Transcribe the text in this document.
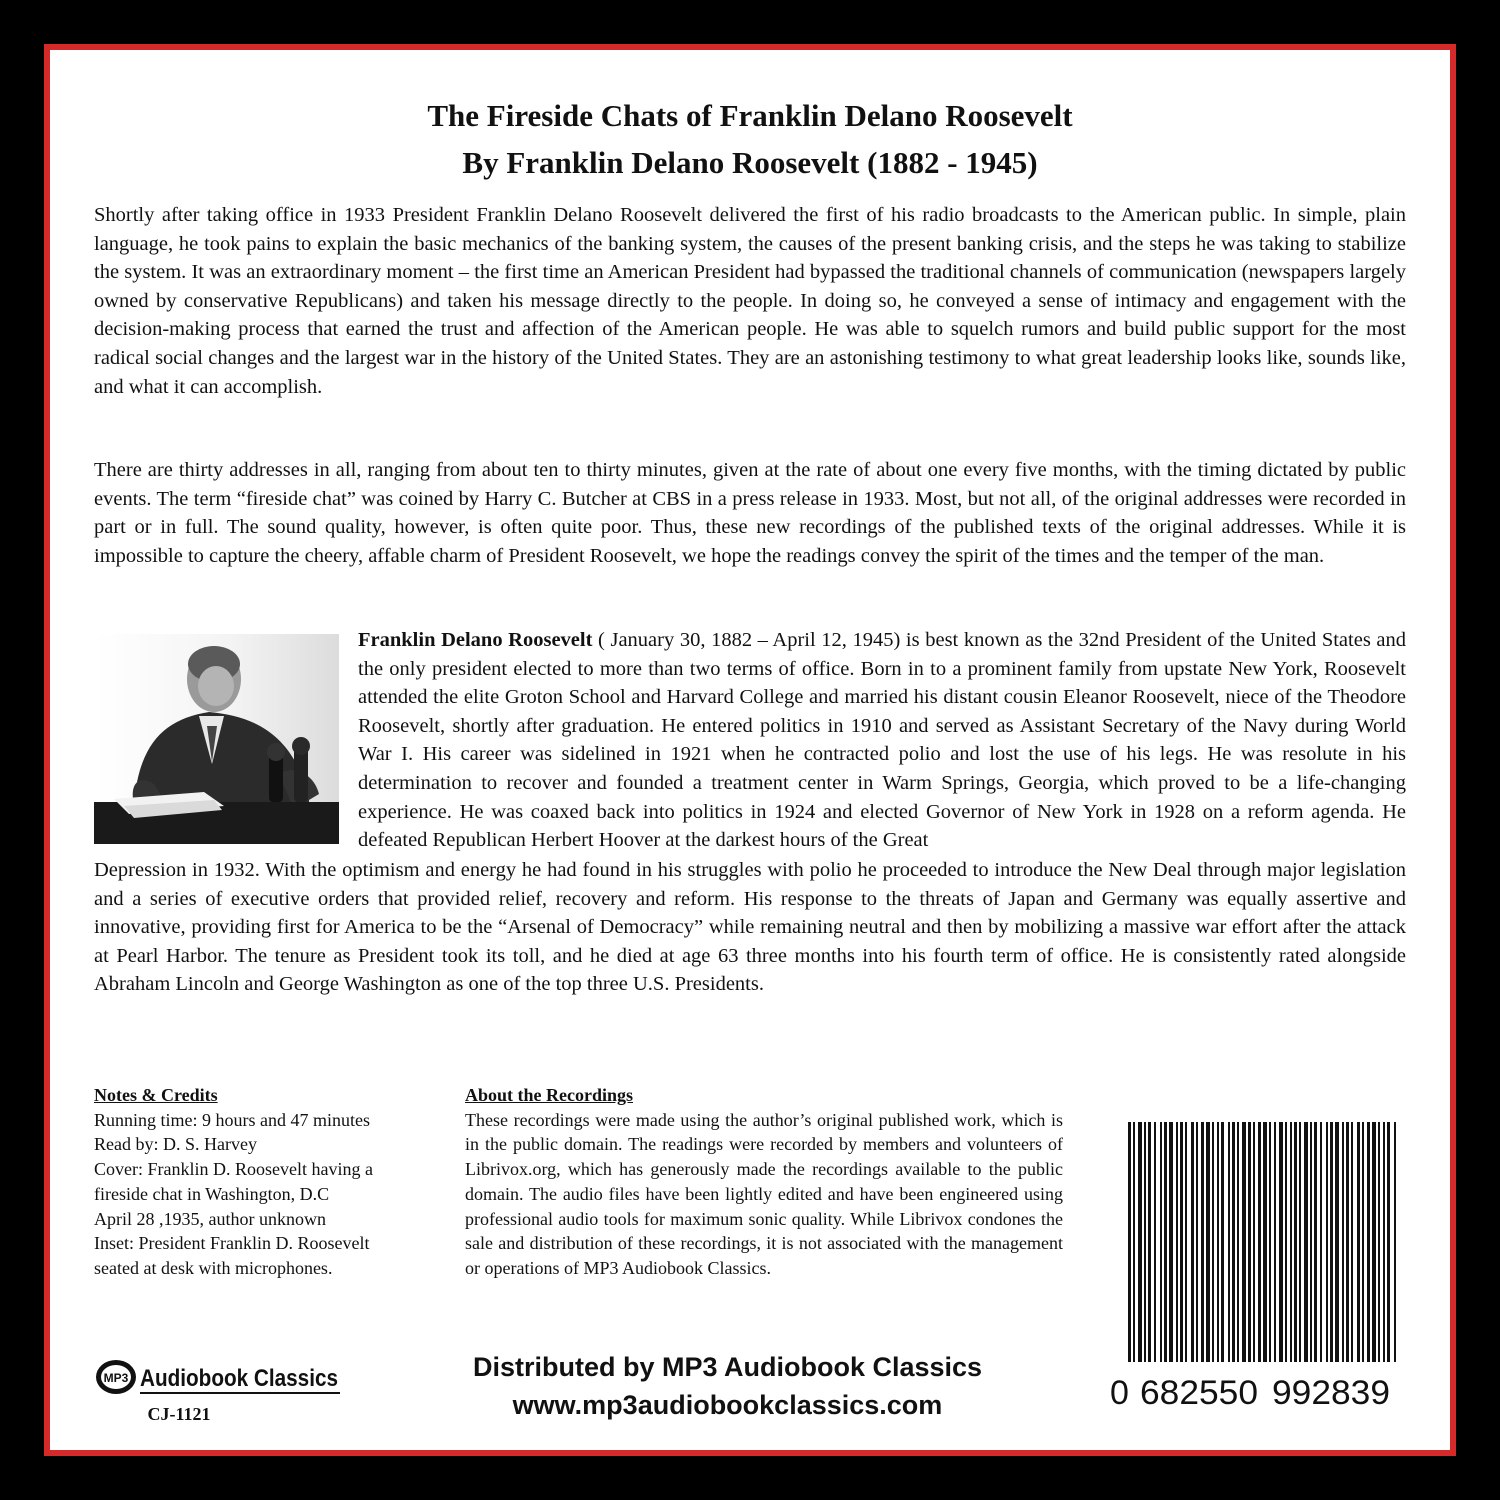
The Fireside Chats of Franklin Delano Roosevelt
By Franklin Delano Roosevelt (1882 - 1945)
Shortly after taking office in 1933 President Franklin Delano Roosevelt delivered the first of his radio broadcasts to the American public. In simple, plain language, he took pains to explain the basic mechanics of the banking system, the causes of the present banking crisis, and the steps he was taking to stabilize the system. It was an extraordinary moment – the first time an American President had bypassed the traditional channels of communication (newspapers largely owned by conservative Republicans) and taken his message directly to the people. In doing so, he conveyed a sense of intimacy and engagement with the decision-making process that earned the trust and affection of the American people. He was able to squelch rumors and build public support for the most radical social changes and the largest war in the history of the United States. They are an astonishing testimony to what great leadership looks like, sounds like, and what it can accomplish.
There are thirty addresses in all, ranging from about ten to thirty minutes, given at the rate of about one every five months, with the timing dictated by public events. The term “fireside chat” was coined by Harry C. Butcher at CBS in a press release in 1933. Most, but not all, of the original addresses were recorded in part or in full. The sound quality, however, is often quite poor. Thus, these new recordings of the published texts of the original addresses. While it is impossible to capture the cheery, affable charm of President Roosevelt, we hope the readings convey the spirit of the times and the temper of the man.
Franklin Delano Roosevelt ( January 30, 1882 – April 12, 1945) is best known as the 32nd President of the United States and the only president elected to more than two terms of office. Born in to a prominent family from upstate New York, Roosevelt attended the elite Groton School and Harvard College and married his distant cousin Eleanor Roosevelt, niece of the Theodore Roosevelt, shortly after graduation. He entered politics in 1910 and served as Assistant Secretary of the Navy during World War I. His career was sidelined in 1921 when he contracted polio and lost the use of his legs. He was resolute in his determination to recover and founded a treatment center in Warm Springs, Georgia, which proved to be a life-changing experience. He was coaxed back into politics in 1924 and elected Governor of New York in 1928 on a reform agenda. He defeated Republican Herbert Hoover at the darkest hours of the Great
Depression in 1932. With the optimism and energy he had found in his struggles with polio he proceeded to introduce the New Deal through major legislation and a series of executive orders that provided relief, recovery and reform. His response to the threats of Japan and Germany was equally assertive and innovative, providing first for America to be the “Arsenal of Democracy” while remaining neutral and then by mobilizing a massive war effort after the attack at Pearl Harbor. The tenure as President took its toll, and he died at age 63 three months into his fourth term of office. He is consistently rated alongside Abraham Lincoln and George Washington as one of the top three U.S. Presidents.
Notes & Credits
Running time: 9 hours and 47 minutes
Read by: D. S. Harvey
Cover: Franklin D. Roosevelt having a
fireside chat in Washington, D.C
April 28 ,1935, author unknown
Inset: President Franklin D. Roosevelt
seated at desk with microphones.
About the Recordings
These recordings were made using the author’s original published work, which is in the public domain. The readings were recorded by members and volunteers of Librivox.org, which has generously made the recordings available to the public domain. The audio files have been lightly edited and have been engineered using professional audio tools for maximum sonic quality. While Librivox condones the sale and distribution of these recordings, it is not associated with the management or operations of MP3 Audiobook Classics.
0 682550 992839
Distributed by MP3 Audiobook Classics
www.mp3audiobookclassics.com
MP3 Audiobook Classics
CJ-1121
